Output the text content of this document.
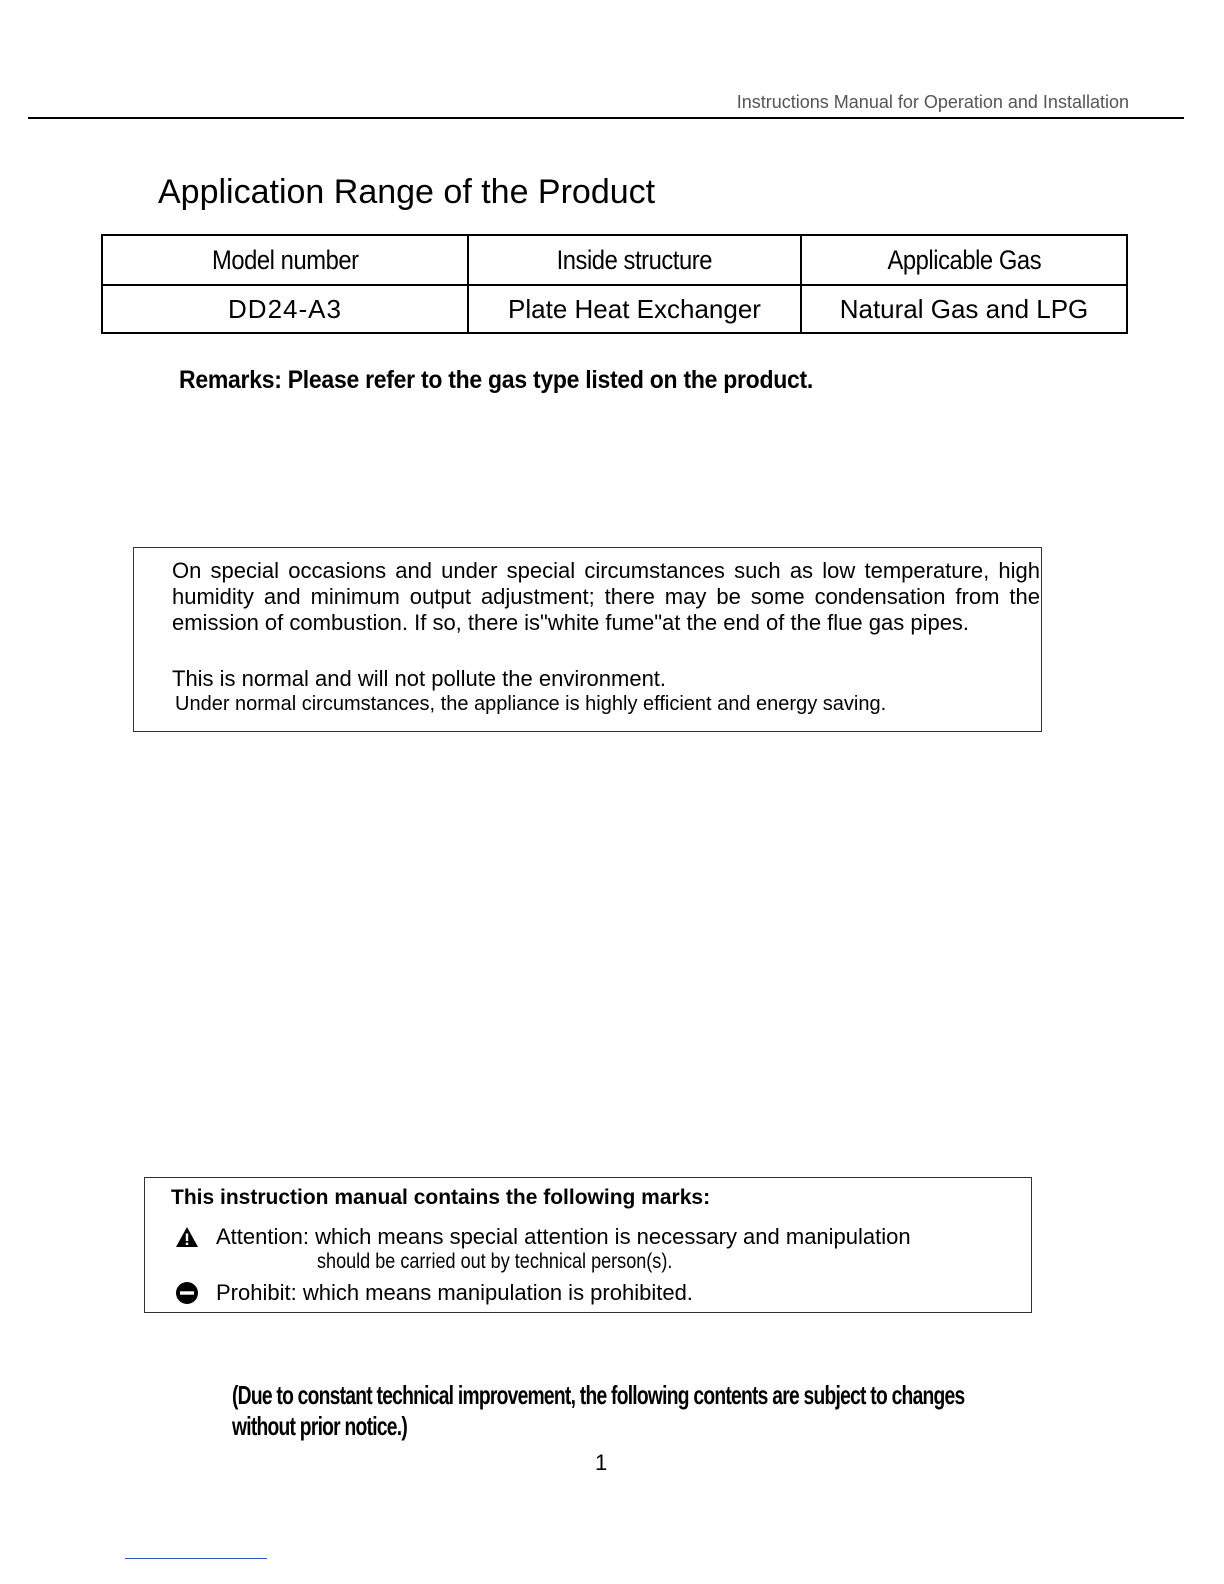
Instructions Manual for Operation and Installation
Application Range of the Product
Model number	Inside structure	Applicable Gas
DD24-A3	Plate Heat Exchanger	Natural Gas and LPG
Remarks: Please refer to the gas type listed on the product.
On special occasions and under special circumstances such as low temperature, high humidity and minimum output adjustment; there may be some condensation from the emission of combustion. If so, there is"white fume"at the end of the flue gas pipes.
This is normal and will not pollute the environment.
Under normal circumstances, the appliance is highly efficient and energy saving.
This instruction manual contains the following marks:
Attention: which means special attention is necessary and manipulation
should be carried out by technical person(s).
Prohibit: which means manipulation is prohibited.
(Due to constant technical improvement, the following contents are subject to changes without prior notice.)
1
